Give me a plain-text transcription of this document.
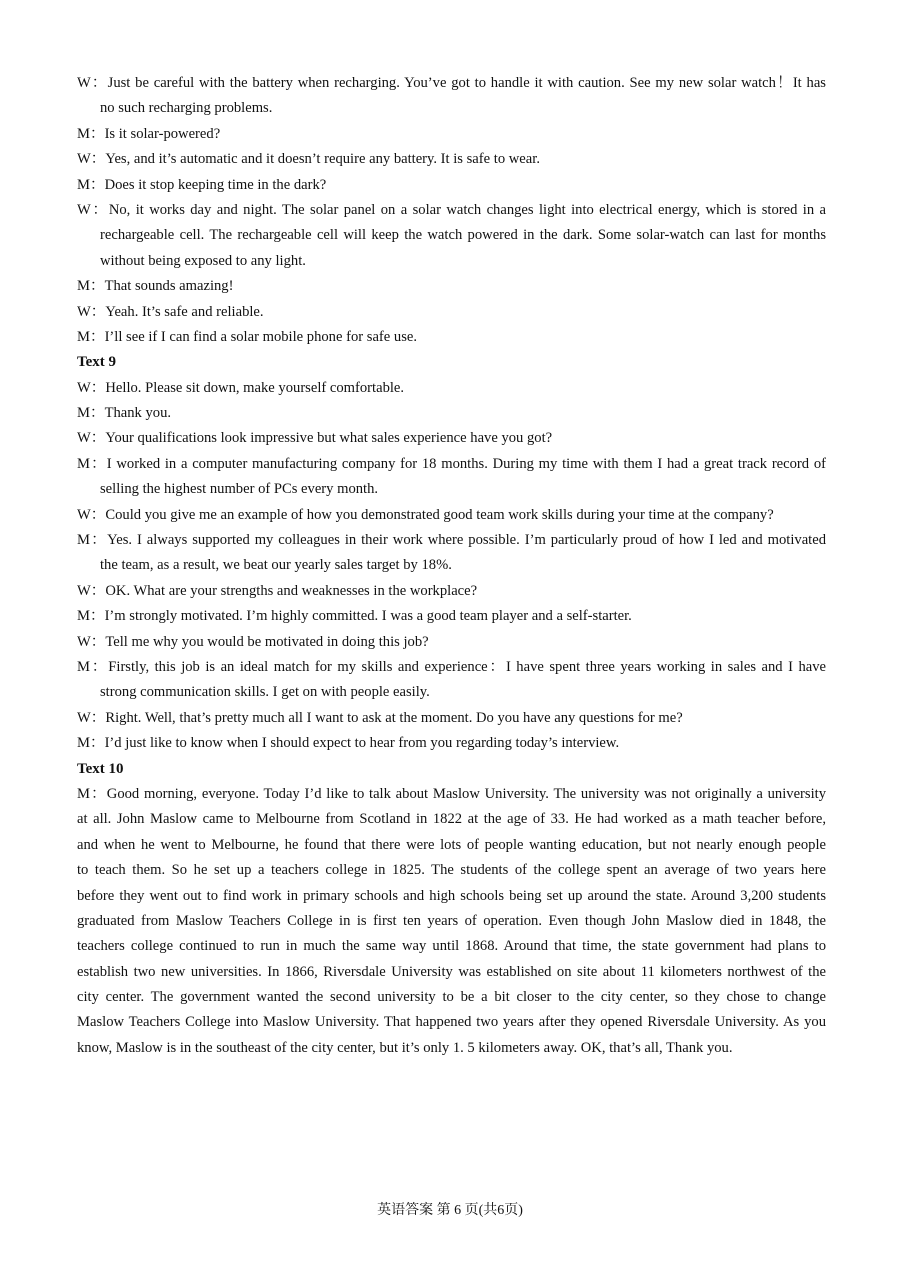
W：Just be careful with the battery when recharging. You’ve got to handle it with caution. See my new solar watch！It has
no such recharging problems.
M：Is it solar-powered?
W：Yes, and it’s automatic and it doesn’t require any battery. It is safe to wear.
M：Does it stop keeping time in the dark?
W：No, it works day and night. The solar panel on a solar watch changes light into electrical energy, which is stored in a
rechargeable cell. The rechargeable cell will keep the watch powered in the dark. Some solar-watch can last for months
without being exposed to any light.
M：That sounds amazing!
W：Yeah. It’s safe and reliable.
M：I’ll see if I can find a solar mobile phone for safe use.
Text 9
W：Hello. Please sit down, make yourself comfortable.
M：Thank you.
W：Your qualifications look impressive but what sales experience have you got?
M：I worked in a computer manufacturing company for 18 months. During my time with them I had a great track record of
selling the highest number of PCs every month.
W：Could you give me an example of how you demonstrated good team work skills during your time at the company?
M：Yes. I always supported my colleagues in their work where possible. I’m particularly proud of how I led and motivated
the team, as a result, we beat our yearly sales target by 18%.
W：OK. What are your strengths and weaknesses in the workplace?
M：I’m strongly motivated. I’m highly committed. I was a good team player and a self-starter.
W：Tell me why you would be motivated in doing this job?
M：Firstly, this job is an ideal match for my skills and experience：I have spent three years working in sales and I have
strong communication skills. I get on with people easily.
W：Right. Well, that’s pretty much all I want to ask at the moment. Do you have any questions for me?
M：I’d just like to know when I should expect to hear from you regarding today’s interview.
Text 10
M：Good morning, everyone. Today I’d like to talk about Maslow University. The university was not originally a university
at all. John Maslow came to Melbourne from Scotland in 1822 at the age of 33. He had worked as a math teacher before,
and when he went to Melbourne, he found that there were lots of people wanting education, but not nearly enough people
to teach them. So he set up a teachers college in 1825. The students of the college spent an average of two years here
before they went out to find work in primary schools and high schools being set up around the state. Around 3,200 students
graduated from Maslow Teachers College in is first ten years of operation. Even though John Maslow died in 1848, the
teachers college continued to run in much the same way until 1868. Around that time, the state government had plans to
establish two new universities. In 1866, Riversdale University was established on site about 11 kilometers northwest of the
city center. The government wanted the second university to be a bit closer to the city center, so they chose to change
Maslow Teachers College into Maslow University. That happened two years after they opened Riversdale University. As you
know, Maslow is in the southeast of the city center, but it’s only 1. 5 kilometers away. OK, that’s all, Thank you.
英语答案 第 6 页(共6页)
